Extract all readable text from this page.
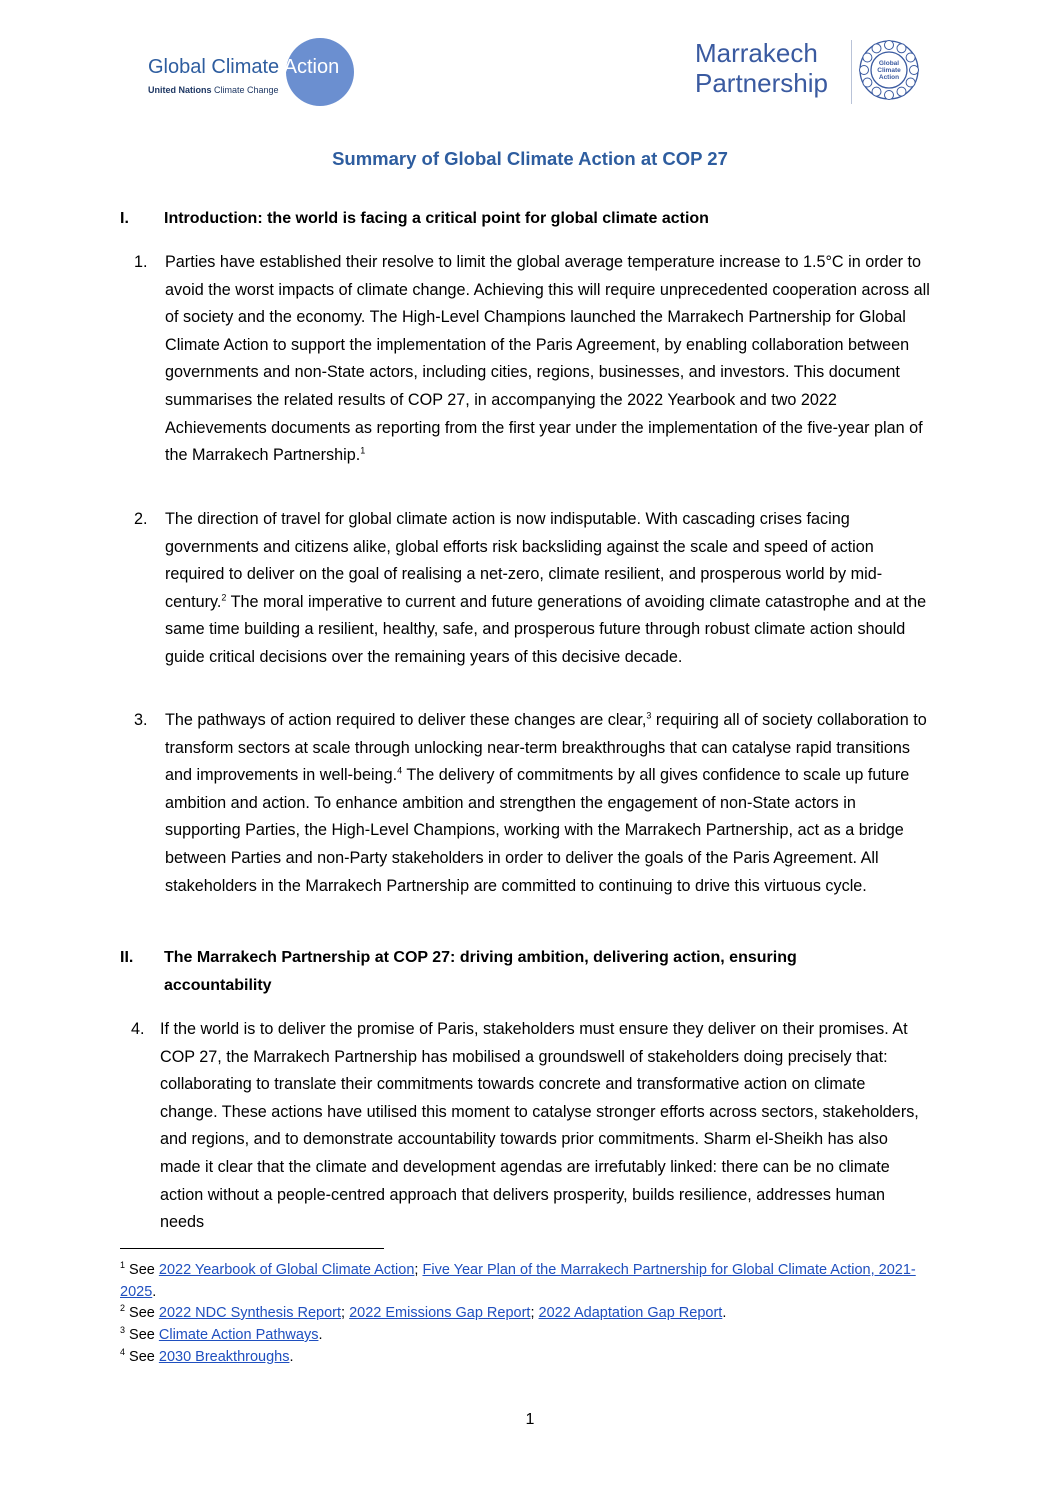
Global Climate Action
United Nations Climate Change
Marrakech
Partnership
Global
Climate
Action
Summary of Global Climate Action at COP 27
I. Introduction: the world is facing a critical point for global climate action
1. Parties have established their resolve to limit the global average temperature increase to 1.5°C in order to avoid the worst impacts of climate change. Achieving this will require unprecedented cooperation across all of society and the economy. The High-Level Champions launched the Marrakech Partnership for Global Climate Action to support the implementation of the Paris Agreement, by enabling collaboration between governments and non-State actors, including cities, regions, businesses, and investors. This document summarises the related results of COP 27, in accompanying the 2022 Yearbook and two 2022 Achievements documents as reporting from the first year under the implementation of the five-year plan of the Marrakech Partnership.$^1$
2. The direction of travel for global climate action is now indisputable. With cascading crises facing governments and citizens alike, global efforts risk backsliding against the scale and speed of action required to deliver on the goal of realising a net-zero, climate resilient, and prosperous world by mid-century.$^2$ The moral imperative to current and future generations of avoiding climate catastrophe and at the same time building a resilient, healthy, safe, and prosperous future through robust climate action should guide critical decisions over the remaining years of this decisive decade.
3. The pathways of action required to deliver these changes are clear,$^3$ requiring all of society collaboration to transform sectors at scale through unlocking near-term breakthroughs that can catalyse rapid transitions and improvements in well-being.$^4$ The delivery of commitments by all gives confidence to scale up future ambition and action. To enhance ambition and strengthen the engagement of non-State actors in supporting Parties, the High-Level Champions, working with the Marrakech Partnership, act as a bridge between Parties and non-Party stakeholders in order to deliver the goals of the Paris Agreement. All stakeholders in the Marrakech Partnership are committed to continuing to drive this virtuous cycle.
II. The Marrakech Partnership at COP 27: driving ambition, delivering action, ensuring accountability
4. If the world is to deliver the promise of Paris, stakeholders must ensure they deliver on their promises. At COP 27, the Marrakech Partnership has mobilised a groundswell of stakeholders doing precisely that: collaborating to translate their commitments towards concrete and transformative action on climate change. These actions have utilised this moment to catalyse stronger efforts across sectors, stakeholders, and regions, and to demonstrate accountability towards prior commitments. Sharm el-Sheikh has also made it clear that the climate and development agendas are irrefutably linked: there can be no climate action without a people-centred approach that delivers prosperity, builds resilience, addresses human needs
$^1$ See 2022 Yearbook of Global Climate Action; Five Year Plan of the Marrakech Partnership for Global Climate Action, 2021-2025.
$^2$ See 2022 NDC Synthesis Report; 2022 Emissions Gap Report; 2022 Adaptation Gap Report.
$^3$ See Climate Action Pathways.
$^4$ See 2030 Breakthroughs.
1
